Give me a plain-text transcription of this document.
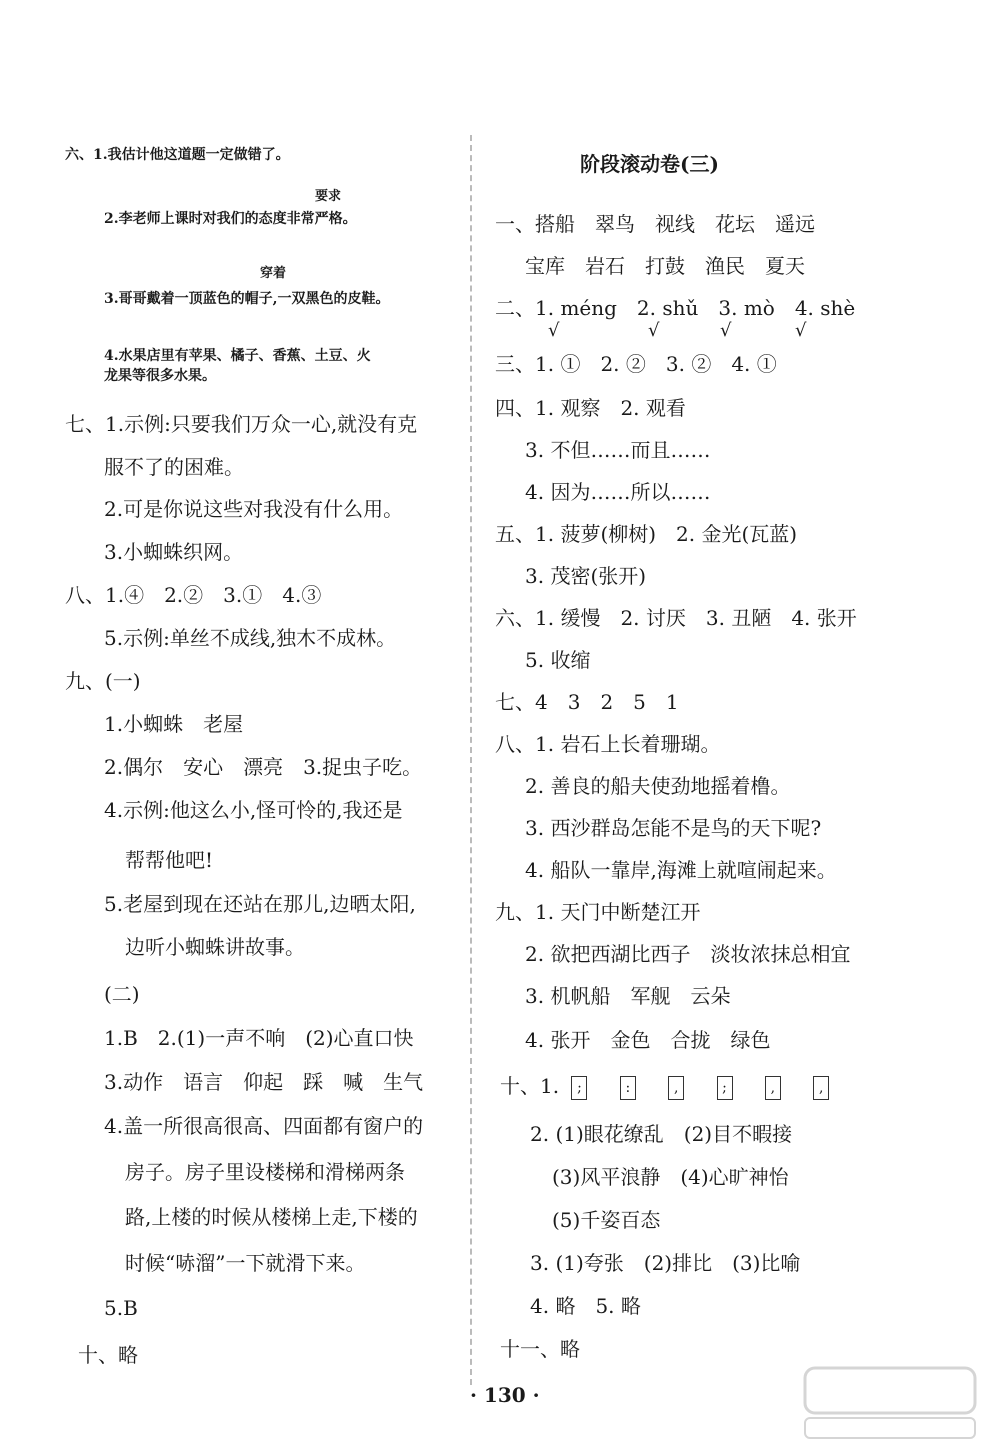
六、1.我估计他这道题一定做错了。
要求
2.李老师上课时对我们的态度非常严格。
穿着
3.哥哥戴着一顶蓝色的帽子,一双黑色的皮鞋。
4.水果店里有苹果、橘子、香蕉、土豆、火
龙果等很多水果。
七、1.示例:只要我们万众一心,就没有克
服不了的困难。
2.可是你说这些对我没有什么用。
3.小蜘蛛织网。
八、1.④　2.②　3.①　4.③
5.示例:单丝不成线,独木不成林。
九、(一)
1.小蜘蛛　老屋
2.偶尔　安心　漂亮　3.捉虫子吃。
4.示例:他这么小,怪可怜的,我还是
帮帮他吧!
5.老屋到现在还站在那儿,边晒太阳,
边听小蜘蛛讲故事。
(二)
1.B　2.(1)一声不响　(2)心直口快
3.动作　语言　仰起　踩　喊　生气
4.盖一所很高很高、四面都有窗户的
房子。房子里设楼梯和滑梯两条
路,上楼的时候从楼梯上走,下楼的
时候“哧溜”一下就滑下来。
5.B
十、略
阶段滚动卷(三)
一、搭船　翠鸟　视线　花坛　遥远
宝库　岩石　打鼓　渔民　夏天
二、1. méng　2. shǔ　3. mò　4. shè
√	√	√	√
三、1. ①　2. ②　3. ②　4. ①
四、1. 观察　2. 观看
3. 不但……而且……
4. 因为……所以……
五、1. 菠萝(柳树)　2. 金光(瓦蓝)
3. 茂密(张开)
六、1. 缓慢　2. 讨厌　3. 丑陋　4. 张开
5. 收缩
七、4　3　2　5　1
八、1. 岩石上长着珊瑚。
2. 善良的船夫使劲地摇着橹。
3. 西沙群岛怎能不是鸟的天下呢?
4. 船队一靠岸,海滩上就喧闹起来。
九、1. 天门中断楚江开
2. 欲把西湖比西子　淡妆浓抹总相宜
3. 机帆船　军舰　云朵
4. 张开　金色　合拢　绿色
十、1. ;	:	,	;	,	,
2. (1)眼花缭乱　(2)目不暇接
(3)风平浪静　(4)心旷神怡
(5)千姿百态
3. (1)夸张　(2)排比　(3)比喻
4. 略　5. 略
十一、略
· 130 ·
